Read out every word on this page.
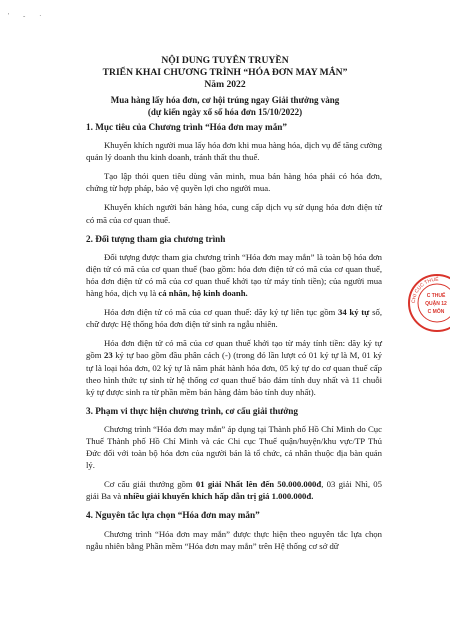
' - ·
NỘI DUNG TUYÊN TRUYỀN
TRIỂN KHAI CHƯƠNG TRÌNH “HÓA ĐƠN MAY MẮN”
Năm 2022
Mua hàng lấy hóa đơn, cơ hội trúng ngay Giải thưởng vàng
(dự kiến ngày xổ số hóa đơn 15/10/2022)
1. Mục tiêu của Chương trình “Hóa đơn may mắn”

Khuyến khích người mua lấy hóa đơn khi mua hàng hóa, dịch vụ để tăng cường quản lý doanh thu kinh doanh, tránh thất thu thuế.

Tạo lập thói quen tiêu dùng văn minh, mua bán hàng hóa phải có hóa đơn, chứng từ hợp pháp, bảo vệ quyền lợi cho người mua.

Khuyến khích người bán hàng hóa, cung cấp dịch vụ sử dụng hóa đơn điện tử có mã của cơ quan thuế.

2. Đối tượng tham gia chương trình

Đối tượng được tham gia chương trình “Hóa đơn may mắn” là toàn bộ hóa đơn điện tử có mã của cơ quan thuế (bao gồm: hóa đơn điện tử có mã của cơ quan thuế, hóa đơn điện tử có mã của cơ quan thuế khởi tạo từ máy tính tiền); của người mua hàng hóa, dịch vụ là cá nhân, hộ kinh doanh.

Hóa đơn điện tử có mã của cơ quan thuế: dãy ký tự liên tục gồm 34 ký tự số, chữ được Hệ thống hóa đơn điện tử sinh ra ngẫu nhiên.

Hóa đơn điện tử có mã của cơ quan thuế khởi tạo từ máy tính tiền: dãy ký tự gồm 23 ký tự bao gồm đầu phân cách (-) (trong đó lần lượt có 01 ký tự là M, 01 ký tự là loại hóa đơn, 02 ký tự là năm phát hành hóa đơn, 05 ký tự do cơ quan thuế cấp theo hình thức tự sinh từ hệ thống cơ quan thuế bảo đảm tính duy nhất và 11 chuỗi ký tự được sinh ra từ phần mềm bán hàng đảm bảo tính duy nhất).

3. Phạm vi thực hiện chương trình, cơ cấu giải thưởng

Chương trình “Hóa đơn may mắn” áp dụng tại Thành phố Hồ Chí Minh do Cục Thuế Thành phố Hồ Chí Minh và các Chi cục Thuế quận/huyện/khu vực/TP Thủ Đức đối với toàn bộ hóa đơn của người bán là tổ chức, cá nhân thuộc địa bàn quản lý.

Cơ cấu giải thưởng gồm 01 giải Nhất lên đến 50.000.000đ, 03 giải Nhì, 05 giải Ba và nhiều giải khuyến khích hấp dẫn trị giá 1.000.000đ.

4. Nguyên tắc lựa chọn “Hóa đơn may mắn”

Chương trình “Hóa đơn may mắn” được thực hiện theo nguyên tắc lựa chọn ngẫu nhiên bằng Phần mềm “Hóa đơn may mắn” trên Hệ thống cơ sở dữ

CHI CỤC THUẾ
C THUẾ
QUẬN 12
C MÔN
